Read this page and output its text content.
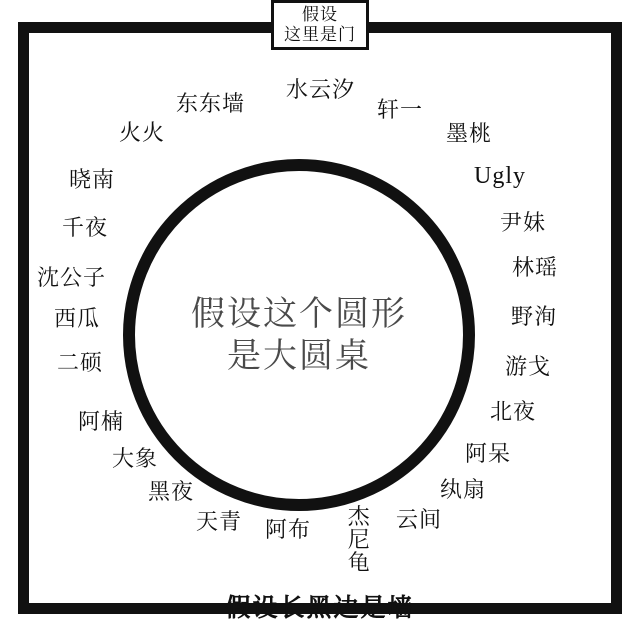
假设
这里是门
假设这个圆形
是大圆桌
水云汐
东东墙	轩一
火火	墨桃
晓南	Ugly
千夜	尹妹
沈公子	林瑶
西瓜	野洵
二硕	游戈
阿楠	北夜
大象	阿呆
黑夜	纨扇
天青	云间
阿布
杰尼龟
假设长黑边是墙
